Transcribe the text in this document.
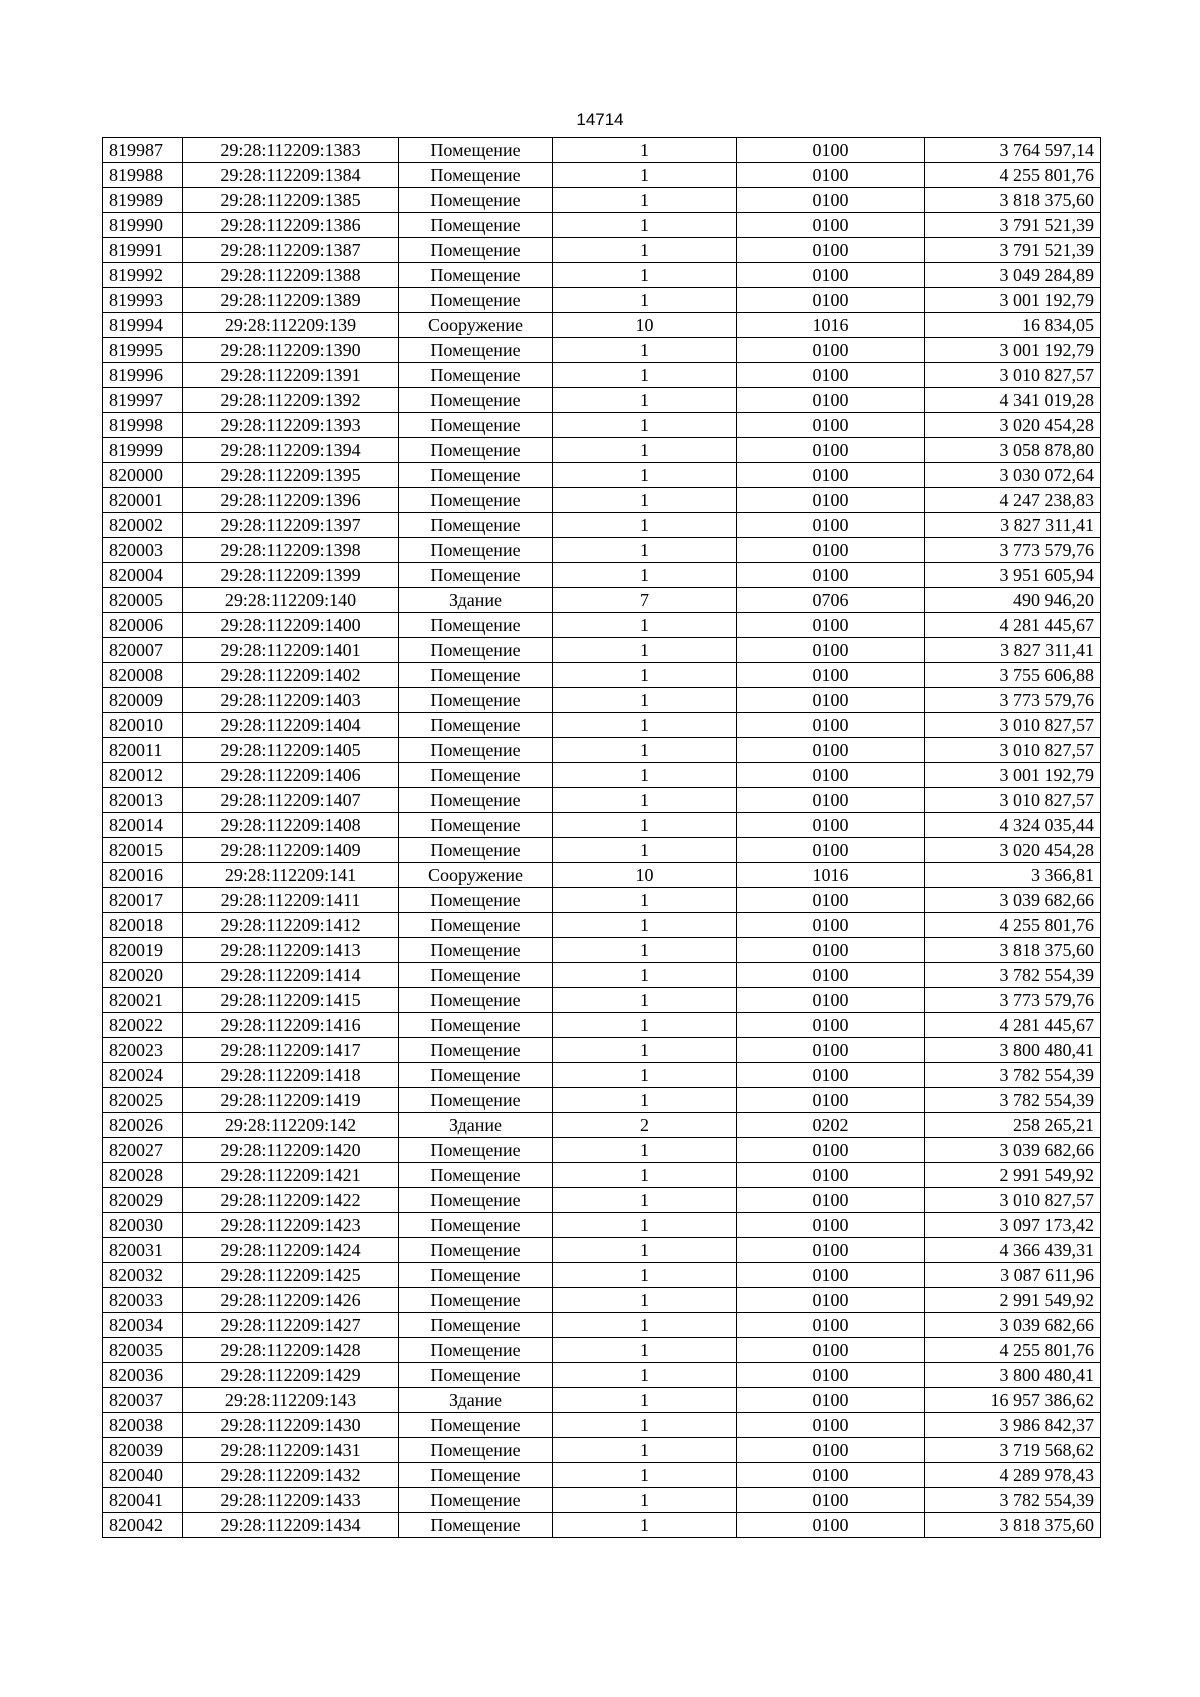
14714
819987	29:28:112209:1383	Помещение	1	0100	3 764 597,14
819988	29:28:112209:1384	Помещение	1	0100	4 255 801,76
819989	29:28:112209:1385	Помещение	1	0100	3 818 375,60
819990	29:28:112209:1386	Помещение	1	0100	3 791 521,39
819991	29:28:112209:1387	Помещение	1	0100	3 791 521,39
819992	29:28:112209:1388	Помещение	1	0100	3 049 284,89
819993	29:28:112209:1389	Помещение	1	0100	3 001 192,79
819994	29:28:112209:139	Сооружение	10	1016	16 834,05
819995	29:28:112209:1390	Помещение	1	0100	3 001 192,79
819996	29:28:112209:1391	Помещение	1	0100	3 010 827,57
819997	29:28:112209:1392	Помещение	1	0100	4 341 019,28
819998	29:28:112209:1393	Помещение	1	0100	3 020 454,28
819999	29:28:112209:1394	Помещение	1	0100	3 058 878,80
820000	29:28:112209:1395	Помещение	1	0100	3 030 072,64
820001	29:28:112209:1396	Помещение	1	0100	4 247 238,83
820002	29:28:112209:1397	Помещение	1	0100	3 827 311,41
820003	29:28:112209:1398	Помещение	1	0100	3 773 579,76
820004	29:28:112209:1399	Помещение	1	0100	3 951 605,94
820005	29:28:112209:140	Здание	7	0706	490 946,20
820006	29:28:112209:1400	Помещение	1	0100	4 281 445,67
820007	29:28:112209:1401	Помещение	1	0100	3 827 311,41
820008	29:28:112209:1402	Помещение	1	0100	3 755 606,88
820009	29:28:112209:1403	Помещение	1	0100	3 773 579,76
820010	29:28:112209:1404	Помещение	1	0100	3 010 827,57
820011	29:28:112209:1405	Помещение	1	0100	3 010 827,57
820012	29:28:112209:1406	Помещение	1	0100	3 001 192,79
820013	29:28:112209:1407	Помещение	1	0100	3 010 827,57
820014	29:28:112209:1408	Помещение	1	0100	4 324 035,44
820015	29:28:112209:1409	Помещение	1	0100	3 020 454,28
820016	29:28:112209:141	Сооружение	10	1016	3 366,81
820017	29:28:112209:1411	Помещение	1	0100	3 039 682,66
820018	29:28:112209:1412	Помещение	1	0100	4 255 801,76
820019	29:28:112209:1413	Помещение	1	0100	3 818 375,60
820020	29:28:112209:1414	Помещение	1	0100	3 782 554,39
820021	29:28:112209:1415	Помещение	1	0100	3 773 579,76
820022	29:28:112209:1416	Помещение	1	0100	4 281 445,67
820023	29:28:112209:1417	Помещение	1	0100	3 800 480,41
820024	29:28:112209:1418	Помещение	1	0100	3 782 554,39
820025	29:28:112209:1419	Помещение	1	0100	3 782 554,39
820026	29:28:112209:142	Здание	2	0202	258 265,21
820027	29:28:112209:1420	Помещение	1	0100	3 039 682,66
820028	29:28:112209:1421	Помещение	1	0100	2 991 549,92
820029	29:28:112209:1422	Помещение	1	0100	3 010 827,57
820030	29:28:112209:1423	Помещение	1	0100	3 097 173,42
820031	29:28:112209:1424	Помещение	1	0100	4 366 439,31
820032	29:28:112209:1425	Помещение	1	0100	3 087 611,96
820033	29:28:112209:1426	Помещение	1	0100	2 991 549,92
820034	29:28:112209:1427	Помещение	1	0100	3 039 682,66
820035	29:28:112209:1428	Помещение	1	0100	4 255 801,76
820036	29:28:112209:1429	Помещение	1	0100	3 800 480,41
820037	29:28:112209:143	Здание	1	0100	16 957 386,62
820038	29:28:112209:1430	Помещение	1	0100	3 986 842,37
820039	29:28:112209:1431	Помещение	1	0100	3 719 568,62
820040	29:28:112209:1432	Помещение	1	0100	4 289 978,43
820041	29:28:112209:1433	Помещение	1	0100	3 782 554,39
820042	29:28:112209:1434	Помещение	1	0100	3 818 375,60
